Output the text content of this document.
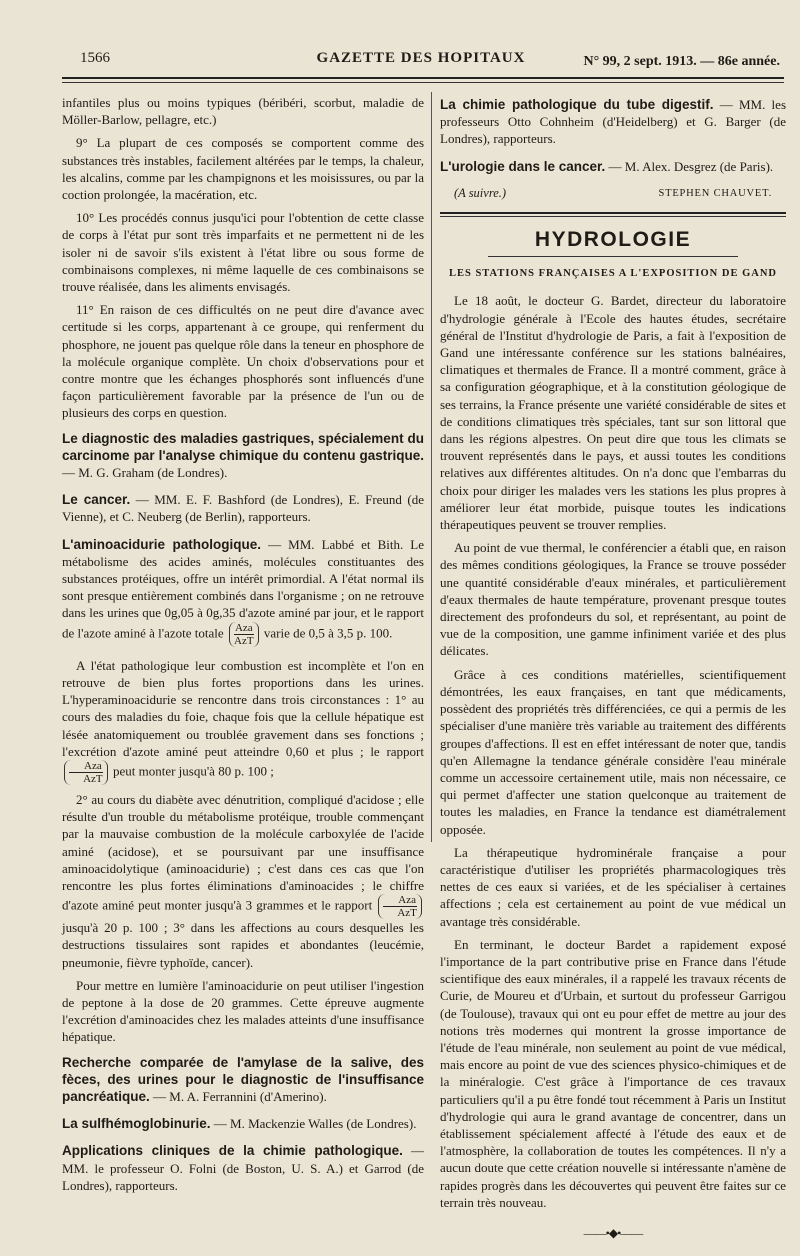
1566	GAZETTE DES HOPITAUX	N° 99, 2 sept. 1913. — 86e année.

infantiles plus ou moins typiques (béribéri, scorbut, maladie de Möller-Barlow, pellagre, etc.)

9° La plupart de ces composés se comportent comme des substances très instables, facilement altérées par le temps, la chaleur, les alcalins, comme par les champignons et les moisissures, ou par la coction prolongée, la macération, etc.

10° Les procédés connus jusqu'ici pour l'obtention de cette classe de corps à l'état pur sont très imparfaits et ne permettent ni de les isoler ni de savoir s'ils existent à l'état libre ou sous forme de combinaisons complexes, ni même laquelle de ces combinaisons se trouve réalisée, dans les aliments envisagés.

11° En raison de ces difficultés on ne peut dire d'avance avec certitude si les corps, appartenant à ce groupe, qui renferment du phosphore, ne jouent pas quelque rôle dans la teneur en phosphore de la molécule organique complète. Un choix d'observations pour et contre montre que les échanges phosphorés sont influencés d'une façon particulièrement favorable par la présence de l'un ou de plusieurs des corps en question.

Le diagnostic des maladies gastriques, spécialement du carcinome par l'analyse chimique du contenu gastrique. — M. G. Graham (de Londres).
Le cancer. — MM. E. F. Bashford (de Londres), E. Freund (de Vienne), et C. Neuberg (de Berlin), rapporteurs.
L'aminoacidurie pathologique. — MM. Labbé et Bith. Le métabolisme des acides aminés, molécules constituantes des substances protéiques, offre un intérêt primordial. A l'état normal ils sont presque entièrement combinés dans l'organisme ; on ne retrouve dans les urines que 0g,05 à 0g,35 d'azote aminé par jour, et le rapport de l'azote aminé à l'azote totale $\frac{\text{Aza}}{\text{AzT}}$ varie de 0,5 à 3,5 p. 100.

A l'état pathologique leur combustion est incomplète et l'on en retrouve de bien plus fortes proportions dans les urines. L'hyperaminoacidurie se rencontre dans trois circonstances : 1° au cours des maladies du foie, chaque fois que la cellule hépatique est lésée anatomiquement ou troublée gravement dans ses fonctions ; l'excrétion d'azote aminé peut atteindre 0,60 et plus ; le rapport
$\frac{\text{Aza}}{\text{AzT}}$ peut monter jusqu'à 80 p. 100 ;

2° au cours du diabète avec dénutrition, compliqué d'acidose ; elle résulte d'un trouble du métabolisme protéique, trouble commençant par la mauvaise combustion de la molécule carboxylée de l'acide aminé (acidose), et se poursuivant par une insuffisance aminoacidolytique (aminoacidurie) ; c'est dans ces cas que l'on rencontre les plus fortes éliminations d'aminoacides ; le chiffre d'azote aminé peut monter jusqu'à 3 grammes et le rapport $\frac{\text{Aza}}{\text{AzT}}$
jusqu'à 20 p. 100 ; 3° dans les affections au cours desquelles les destructions tissulaires sont rapides et abondantes (leucémie, pneumonie, fièvre typhoïde, cancer).

Pour mettre en lumière l'aminoacidurie on peut utiliser l'ingestion de peptone à la dose de 20 grammes. Cette épreuve augmente l'excrétion d'aminoacides chez les malades atteints d'une insuffisance hépatique.

Recherche comparée de l'amylase de la salive, des fèces, des urines pour le diagnostic de l'insuffisance pancréatique. — M. A. Ferrannini (d'Amerino).
La sulfhémoglobinurie. — M. Mackenzie Walles (de Londres).
Applications cliniques de la chimie pathologique. — MM. le professeur O. Folni (de Boston, U. S. A.) et Garrod (de Londres), rapporteurs.
La chimie pathologique du tube digestif. — MM. les professeurs Otto Cohnheim (d'Heidelberg) et G. Barger (de Londres), rapporteurs.
L'urologie dans le cancer. — M. Alex. Desgrez (de Paris).
(A suivre.)	STEPHEN CHAUVET.
HYDROLOGIE
LES STATIONS FRANÇAISES A L'EXPOSITION DE GAND

Le 18 août, le docteur G. Bardet, directeur du laboratoire d'hydrologie générale à l'Ecole des hautes études, secrétaire général de l'Institut d'hydrologie de Paris, a fait à l'exposition de Gand une intéressante conférence sur les stations balnéaires, climatiques et thermales de France. Il a montré comment, grâce à sa configuration géographique, et à la constitution géologique de ses terrains, la France présente une variété considérable de sites et de conditions climatiques très spéciales, tant sur son littoral que dans les régions alpestres. On peut dire que tous les climats se trouvent représentés dans le pays, et aussi toutes les conditions relatives aux différentes altitudes. On n'a donc que l'embarras du choix pour diriger les malades vers les stations les plus propres à améliorer leur état morbide, puisque toutes les indications thérapeutiques peuvent se trouver remplies.

Au point de vue thermal, le conférencier a établi que, en raison des mêmes conditions géologiques, la France se trouve posséder une quantité considérable d'eaux minérales, et particulièrement d'eaux thermales de haute température, provenant presque toutes directement des profondeurs du sol, et représentant, au point de vue de la composition, une gamme infiniment variée et des plus délicates.

Grâce à ces conditions matérielles, scientifiquement démontrées, les eaux françaises, en tant que médicaments, possèdent des propriétés très différenciées, ce qui a permis de les spécialiser d'une manière très variable au traitement des différents groupes d'affections. Il est en effet intéressant de noter que, tandis qu'en Allemagne la tendance générale considère l'eau minérale comme un accessoire certainement utile, mais non nécessaire, ce qui permet d'affecter une station quelconque au traitement de toutes les maladies, en France la tendance est diamétralement opposée.

La thérapeutique hydrominérale française a pour caractéristique d'utiliser les propriétés pharmacologiques très nettes de ces eaux si variées, et de les spécialiser à certaines affections ; cela est certainement au point de vue médical un avantage très considérable.

En terminant, le docteur Bardet a rapidement exposé l'importance de la part contributive prise en France dans l'étude scientifique des eaux minérales, il a rappelé les travaux récents de Curie, de Moureu et d'Urbain, et surtout du professeur Garrigou (de Toulouse), travaux qui ont eu pour effet de mettre au jour des notions très modernes qui montrent la grosse importance de l'étude de l'eau minérale, non seulement au point de vue médical, mais encore au point de vue des sciences physico-chimiques et de la minéralogie. C'est grâce à l'importance de ces travaux particuliers qu'il a pu être fondé tout récemment à Paris un Institut d'hydrologie qui aura le grand avantage de concentrer, dans un établissement spécialement affecté à l'étude des eaux et de l'atmosphère, la collaboration de toutes les compétences. Il n'y a aucun doute que cette création nouvelle si intéressante n'amène de rapides progrès dans les découvertes qui peuvent être faites sur ce terrain très nouveau.

——•◆•——
